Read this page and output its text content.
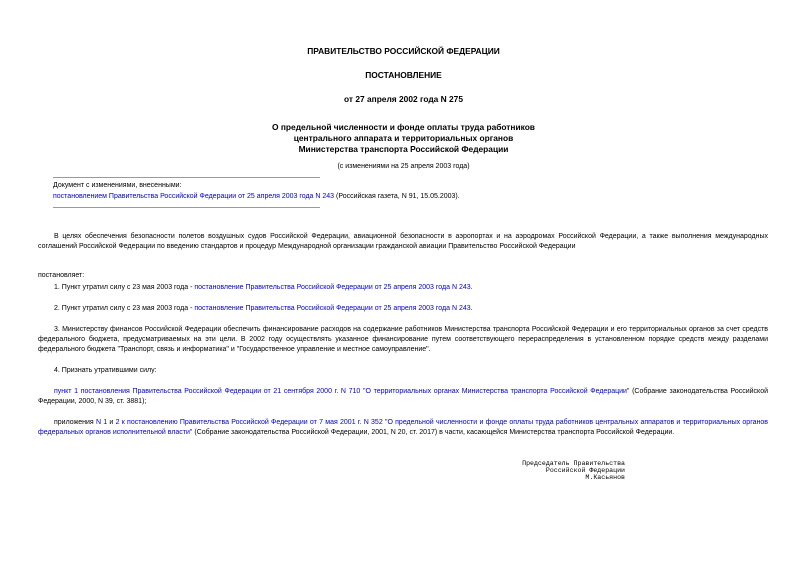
ПРАВИТЕЛЬСТВО РОССИЙСКОЙ ФЕДЕРАЦИИ
ПОСТАНОВЛЕНИЕ
от 27 апреля 2002 года N 275
О предельной численности и фонде оплаты труда работников
центрального аппарата и территориальных органов
Министерства транспорта Российской Федерации
(с изменениями на 25 апреля 2003 года)
Документ с изменениями, внесенными:
постановлением Правительства Российской Федерации от 25 апреля 2003 года N 243 (Российская газета, N 91, 15.05.2003).
В целях обеспечения безопасности полетов воздушных судов Российской Федерации, авиационной безопасности в аэропортах и на аэродромах Российской Федерации, а также выполнения международных соглашений Российской Федерации по введению стандартов и процедур Международной организации гражданской авиации Правительство Российской Федерации
постановляет:
1. Пункт утратил силу с 23 мая 2003 года - постановление Правительства Российской Федерации от 25 апреля 2003 года N 243.
2. Пункт утратил силу с 23 мая 2003 года - постановление Правительства Российской Федерации от 25 апреля 2003 года N 243.
3. Министерству финансов Российской Федерации обеспечить финансирование расходов на содержание работников Министерства транспорта Российской Федерации и его территориальных органов за счет средств федерального бюджета, предусматриваемых на эти цели. В 2002 году осуществлять указанное финансирование путем соответствующего перераспределения в установленном порядке средств между разделами федерального бюджета "Транспорт, связь и информатика" и "Государственное управление и местное самоуправление".
4. Признать утратившими силу:
пункт 1 постановления Правительства Российской Федерации от 21 сентября 2000 г. N 710 "О территориальных органах Министерства транспорта Российской Федерации" (Собрание законодательства Российской Федерации, 2000, N 39, ст. 3881);
приложения N 1 и 2 к постановлению Правительства Российской Федерации от 7 мая 2001 г. N 352 "О предельной численности и фонде оплаты труда работников центральных аппаратов и территориальных органов федеральных органов исполнительной власти" (Собрание законодательства Российской Федерации, 2001, N 20, ст. 2017) в части, касающейся Министерства транспорта Российской Федерации.
Председатель Правительства
Российской Федерации
М.Касьянов
